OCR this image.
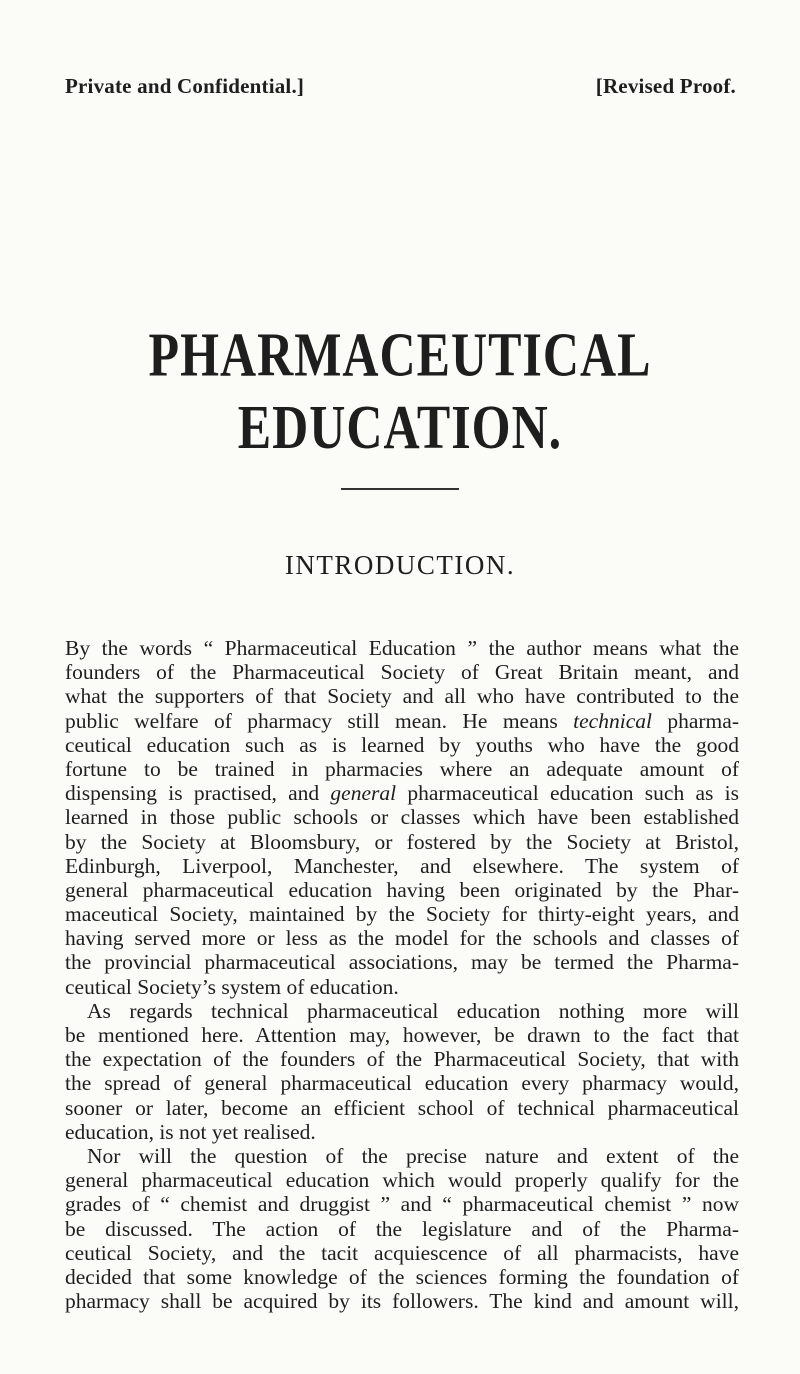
Private and Confidential.]	[Revised Proof.
PHARMACEUTICAL EDUCATION.
INTRODUCTION.
By the words “ Pharmaceutical Education ” the author means what the
founders of the Pharmaceutical Society of Great Britain meant, and
what the supporters of that Society and all who have contributed to the
public welfare of pharmacy still mean. He means technical pharma-
ceutical education such as is learned by youths who have the good
fortune to be trained in pharmacies where an adequate amount of
dispensing is practised, and general pharmaceutical education such as is
learned in those public schools or classes which have been established
by the Society at Bloomsbury, or fostered by the Society at Bristol,
Edinburgh, Liverpool, Manchester, and elsewhere. The system of
general pharmaceutical education having been originated by the Phar-
maceutical Society, maintained by the Society for thirty-eight years, and
having served more or less as the model for the schools and classes of
the provincial pharmaceutical associations, may be termed the Pharma-
ceutical Society’s system of education.
As regards technical pharmaceutical education nothing more will
be mentioned here. Attention may, however, be drawn to the fact that
the expectation of the founders of the Pharmaceutical Society, that with
the spread of general pharmaceutical education every pharmacy would,
sooner or later, become an efficient school of technical pharmaceutical
education, is not yet realised.
Nor will the question of the precise nature and extent of the
general pharmaceutical education which would properly qualify for the
grades of “ chemist and druggist ” and “ pharmaceutical chemist ” now
be discussed. The action of the legislature and of the Pharma-
ceutical Society, and the tacit acquiescence of all pharmacists, have
decided that some knowledge of the sciences forming the foundation of
pharmacy shall be acquired by its followers. The kind and amount will,
